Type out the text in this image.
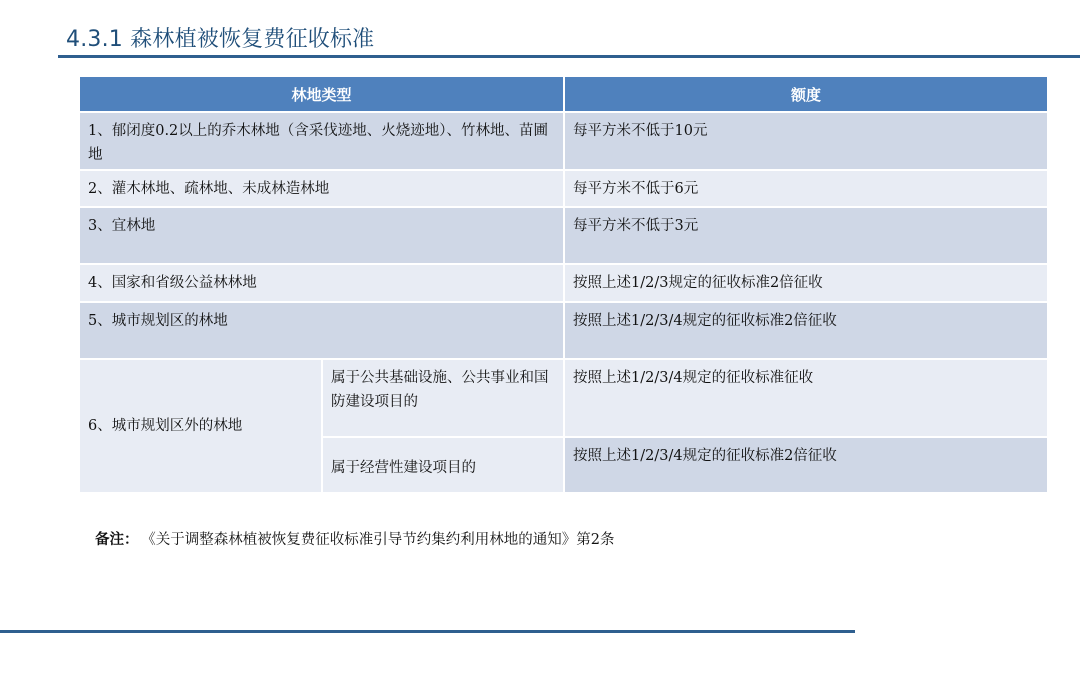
4.3.1 森林植被恢复费征收标准
林地类型		额度
1、郁闭度0.2以上的乔木林地（含采伐迹地、火烧迹地）、竹林地、苗圃地		每平方米不低于10元
2、灌木林地、疏林地、未成林造林地		每平方米不低于6元
3、宜林地		每平方米不低于3元
4、国家和省级公益林林地		按照上述1/2/3规定的征收标准2倍征收
5、城市规划区的林地		按照上述1/2/3/4规定的征收标准2倍征收
6、城市规划区外的林地	属于公共基础设施、公共事业和国防建设项目的	按照上述1/2/3/4规定的征收标准征收
	属于经营性建设项目的	按照上述1/2/3/4规定的征收标准2倍征收
备注： 《关于调整森林植被恢复费征收标准引导节约集约利用林地的通知》第2条
